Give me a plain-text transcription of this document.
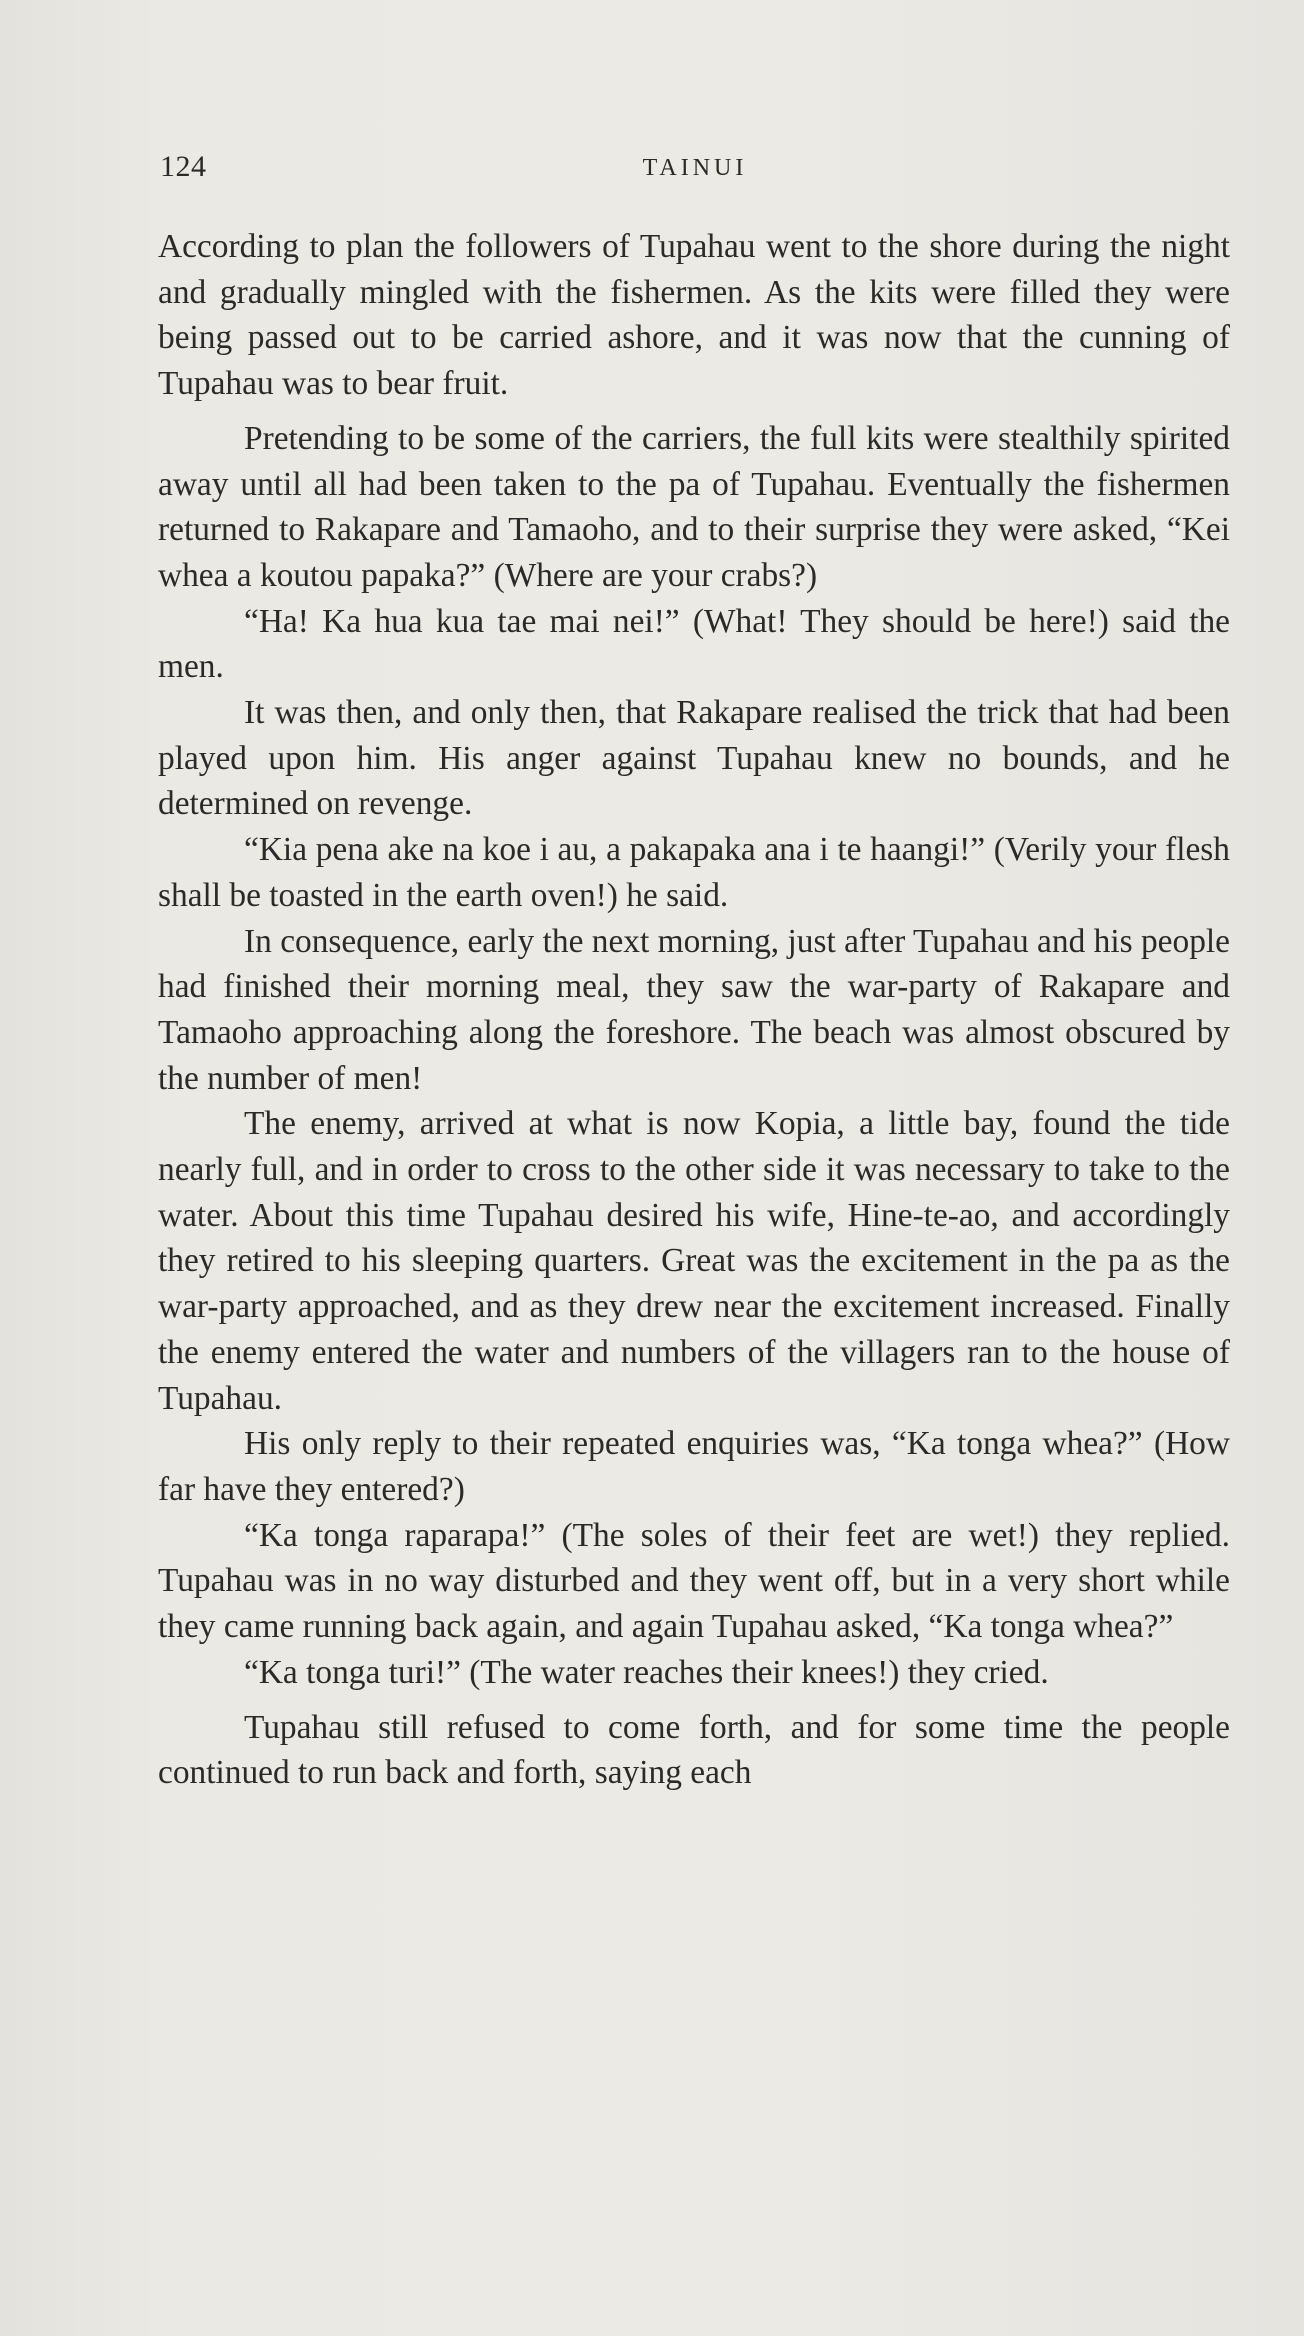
124	TAINUI

According to plan the followers of Tupahau went to the shore during the night and gradually mingled with the fishermen. As the kits were filled they were being passed out to be carried ashore, and it was now that the cunning of Tupahau was to bear fruit.

Pretending to be some of the carriers, the full kits were stealthily spirited away until all had been taken to the pa of Tupahau. Eventually the fishermen returned to Rakapare and Tamaoho, and to their surprise they were asked, “Kei whea a koutou papaka?” (Where are your crabs?)

“Ha! Ka hua kua tae mai nei!” (What! They should be here!) said the men.

It was then, and only then, that Rakapare realised the trick that had been played upon him. His anger against Tupahau knew no bounds, and he determined on revenge.

“Kia pena ake na koe i au, a pakapaka ana i te haangi!” (Verily your flesh shall be toasted in the earth oven!) he said.

In consequence, early the next morning, just after Tupahau and his people had finished their morning meal, they saw the war-party of Rakapare and Tamaoho approaching along the foreshore. The beach was almost obscured by the number of men!

The enemy, arrived at what is now Kopia, a little bay, found the tide nearly full, and in order to cross to the other side it was necessary to take to the water. About this time Tupahau desired his wife, Hine-te-ao, and accordingly they retired to his sleeping quarters. Great was the excitement in the pa as the war-party approached, and as they drew near the excitement increased. Finally the enemy entered the water and numbers of the villagers ran to the house of Tupahau.

His only reply to their repeated enquiries was, “Ka tonga whea?” (How far have they entered?)

“Ka tonga raparapa!” (The soles of their feet are wet!) they replied. Tupahau was in no way disturbed and they went off, but in a very short while they came running back again, and again Tupahau asked, “Ka tonga whea?”

“Ka tonga turi!” (The water reaches their knees!) they cried.

Tupahau still refused to come forth, and for some time the people continued to run back and forth, saying each
